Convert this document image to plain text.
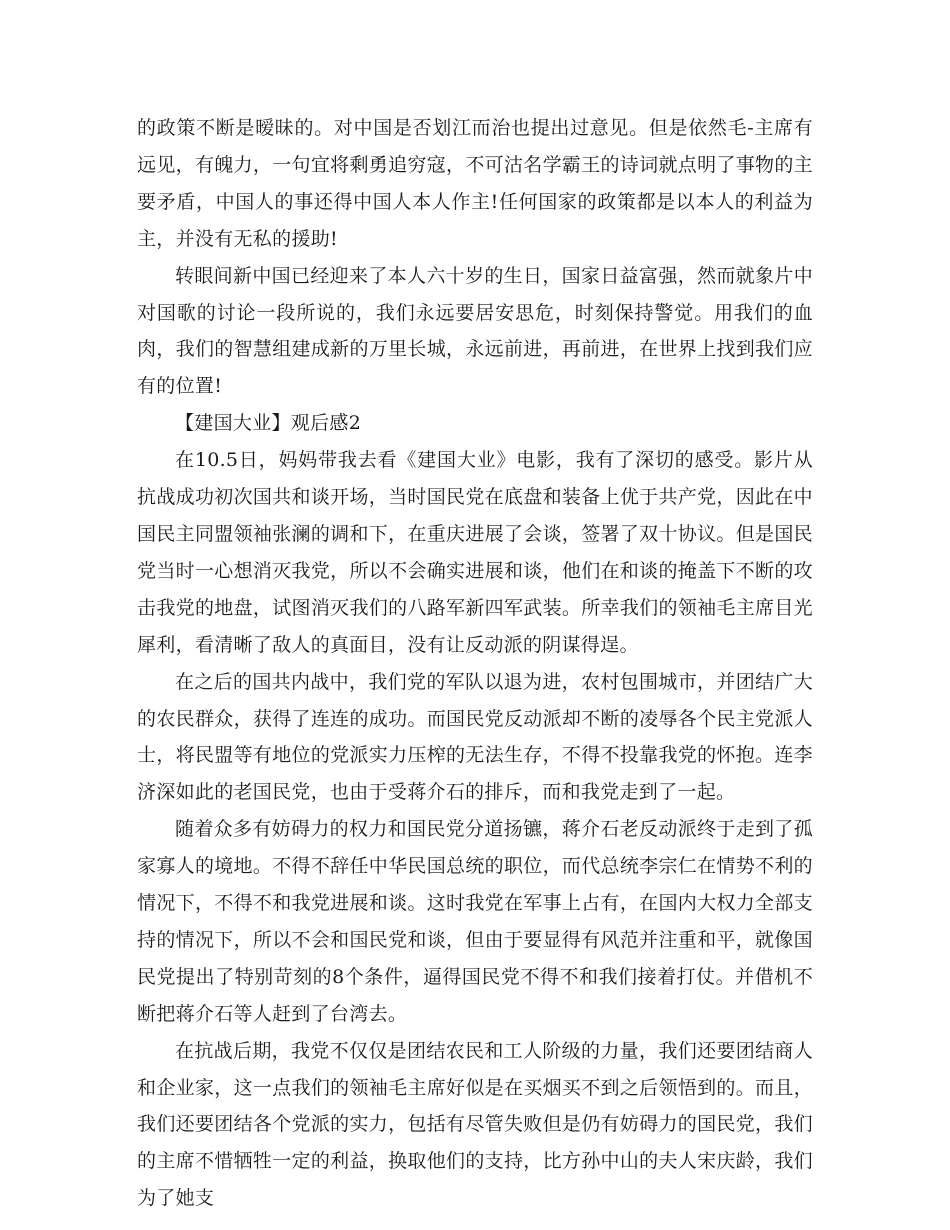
的政策不断是暧昧的。对中国是否划江而治也提出过意见。但是依然毛-主席有远见，有魄力，一句宜将剩勇追穷寇，不可沽名学霸王的诗词就点明了事物的主要矛盾，中国人的事还得中国人本人作主!任何国家的政策都是以本人的利益为主，并没有无私的援助!

转眼间新中国已经迎来了本人六十岁的生日，国家日益富强，然而就象片中对国歌的讨论一段所说的，我们永远要居安思危，时刻保持警觉。用我们的血肉，我们的智慧组建成新的万里长城，永远前进，再前进，在世界上找到我们应有的位置!

【建国大业】观后感2

在10.5日，妈妈带我去看《建国大业》电影，我有了深切的感受。影片从抗战成功初次国共和谈开场，当时国民党在底盘和装备上优于共产党，因此在中国民主同盟领袖张澜的调和下，在重庆进展了会谈，签署了双十协议。但是国民党当时一心想消灭我党，所以不会确实进展和谈，他们在和谈的掩盖下不断的攻击我党的地盘，试图消灭我们的八路军新四军武装。所幸我们的领袖毛主席目光犀利，看清晰了敌人的真面目，没有让反动派的阴谋得逞。

在之后的国共内战中，我们党的军队以退为进，农村包围城市，并团结广大的农民群众，获得了连连的成功。而国民党反动派却不断的凌辱各个民主党派人士，将民盟等有地位的党派实力压榨的无法生存，不得不投靠我党的怀抱。连李济深如此的老国民党，也由于受蒋介石的排斥，而和我党走到了一起。

随着众多有妨碍力的权力和国民党分道扬镳，蒋介石老反动派终于走到了孤家寡人的境地。不得不辞任中华民国总统的职位，而代总统李宗仁在情势不利的情况下，不得不和我党进展和谈。这时我党在军事上占有，在国内大权力全部支持的情况下，所以不会和国民党和谈，但由于要显得有风范并注重和平，就像国民党提出了特别苛刻的8个条件，逼得国民党不得不和我们接着打仗。并借机不断把蒋介石等人赶到了台湾去。

在抗战后期，我党不仅仅是团结农民和工人阶级的力量，我们还要团结商人和企业家，这一点我们的领袖毛主席好似是在买烟买不到之后领悟到的。而且，我们还要团结各个党派的实力，包括有尽管失败但是仍有妨碍力的国民党，我们的主席不惜牺牲一定的利益，换取他们的支持，比方孙中山的夫人宋庆龄，我们为了她支
